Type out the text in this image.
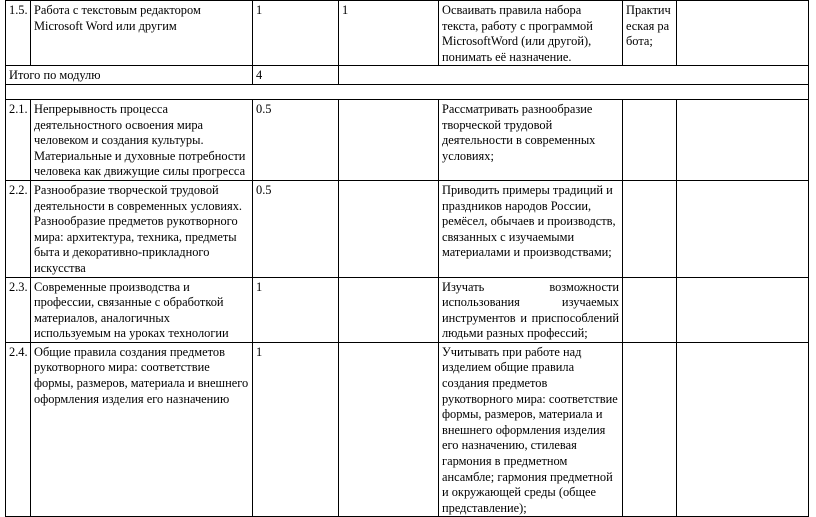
1.5.	Работа с текстовым редактором Microsoft Word или другим	1	1	Осваивать правила набора текста, работу с программой MicrosoftWord (или другой), понимать её назначение.	Практическая работа;	
Итого по модулю		4				

2.1.	Непрерывность процесса деятельностного освоения мира человеком и создания культуры. Материальные и духовные потребности человека как движущие силы прогресса	0.5		Рассматривать разнообразие творческой трудовой деятельности в современных условиях;		
2.2.	Разнообразие творческой трудовой деятельности в современных условиях. Разнообразие предметов рукотворного мира: архитектура, техника, предметы быта и декоративно-прикладного искусства	0.5		Приводить примеры традиций и праздников народов России, ремёсел, обычаев и производств, связанных с изучаемыми материалами и производствами;		
2.3.	Современные производства и профессии, связанные с обработкой материалов, аналогичных используемым на уроках технологии	1		Изучать возможности использования изучаемых инструментов и приспособлений людьми разных профессий;		
2.4.	Общие правила создания предметов рукотворного мира: соответствие формы, размеров, материала и внешнего оформления изделия его назначению	1		Учитывать при работе над изделием общие правила создания предметов рукотворного мира: соответствие формы, размеров, материала и внешнего оформления изделия его назначению, стилевая гармония в предметном ансамбле; гармония предметной и окружающей среды (общее представление);		
